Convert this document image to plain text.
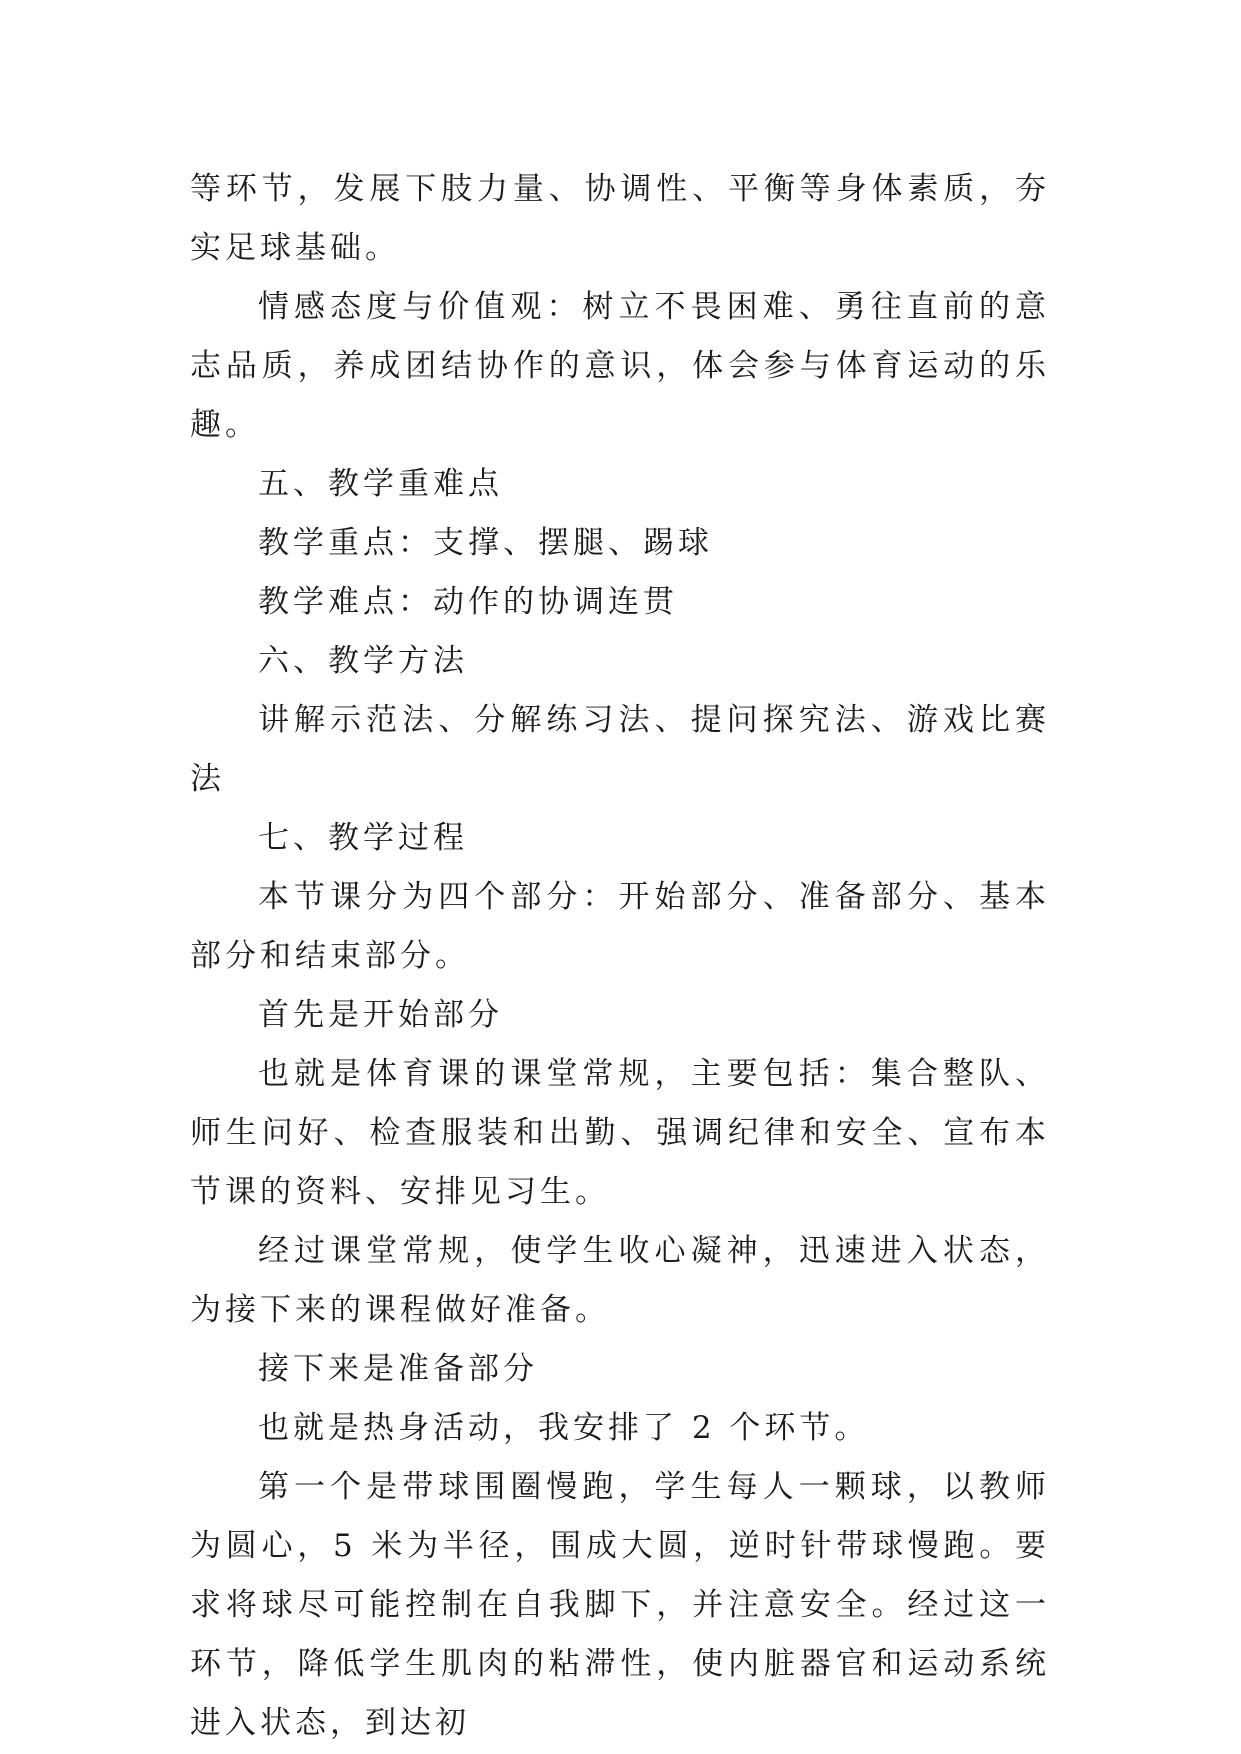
等环节，发展下肢力量、协调性、平衡等身体素质，夯实足球基础。

情感态度与价值观：树立不畏困难、勇往直前的意志品质，养成团结协作的意识，体会参与体育运动的乐趣。

五、教学重难点

教学重点：支撑、摆腿、踢球

教学难点：动作的协调连贯

六、教学方法

讲解示范法、分解练习法、提问探究法、游戏比赛法

七、教学过程

本节课分为四个部分：开始部分、准备部分、基本部分和结束部分。

首先是开始部分

也就是体育课的课堂常规，主要包括：集合整队、师生问好、检查服装和出勤、强调纪律和安全、宣布本节课的资料、安排见习生。

经过课堂常规，使学生收心凝神，迅速进入状态，为接下来的课程做好准备。

接下来是准备部分

也就是热身活动，我安排了 2 个环节。

第一个是带球围圈慢跑，学生每人一颗球，以教师为圆心，5 米为半径，围成大圆，逆时针带球慢跑。要求将球尽可能控制在自我脚下，并注意安全。经过这一环节，降低学生肌肉的粘滞性，使内脏器官和运动系统进入状态，到达初
